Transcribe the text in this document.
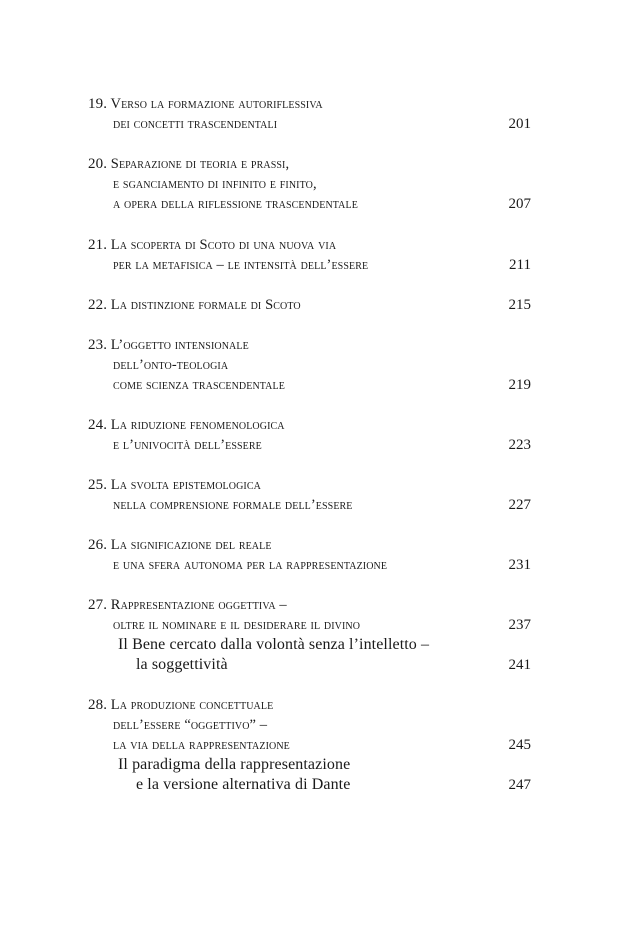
19. Verso la formazione autoriflessiva
dei concetti trascendentali	201
20. Separazione di teoria e prassi,
e sganciamento di infinito e finito,
a opera della riflessione trascendentale	207
21. La scoperta di Scoto di una nuova via
per la metafisica – le intensità dell’essere	211
22. La distinzione formale di Scoto	215
23. L’oggetto intensionale
dell’onto-teologia
come scienza trascendentale	219
24. La riduzione fenomenologica
e l’univocità dell’essere	223
25. La svolta epistemologica
nella comprensione formale dell’essere	227
26. La significazione del reale
e una sfera autonoma per la rappresentazione	231
27. Rappresentazione oggettiva –
oltre il nominare e il desiderare il divino	237
Il Bene cercato dalla volontà senza l’intelletto –
la soggettività	241
28. La produzione concettuale
dell’essere “oggettivo” –
la via della rappresentazione	245
Il paradigma della rappresentazione
e la versione alternativa di Dante	247
